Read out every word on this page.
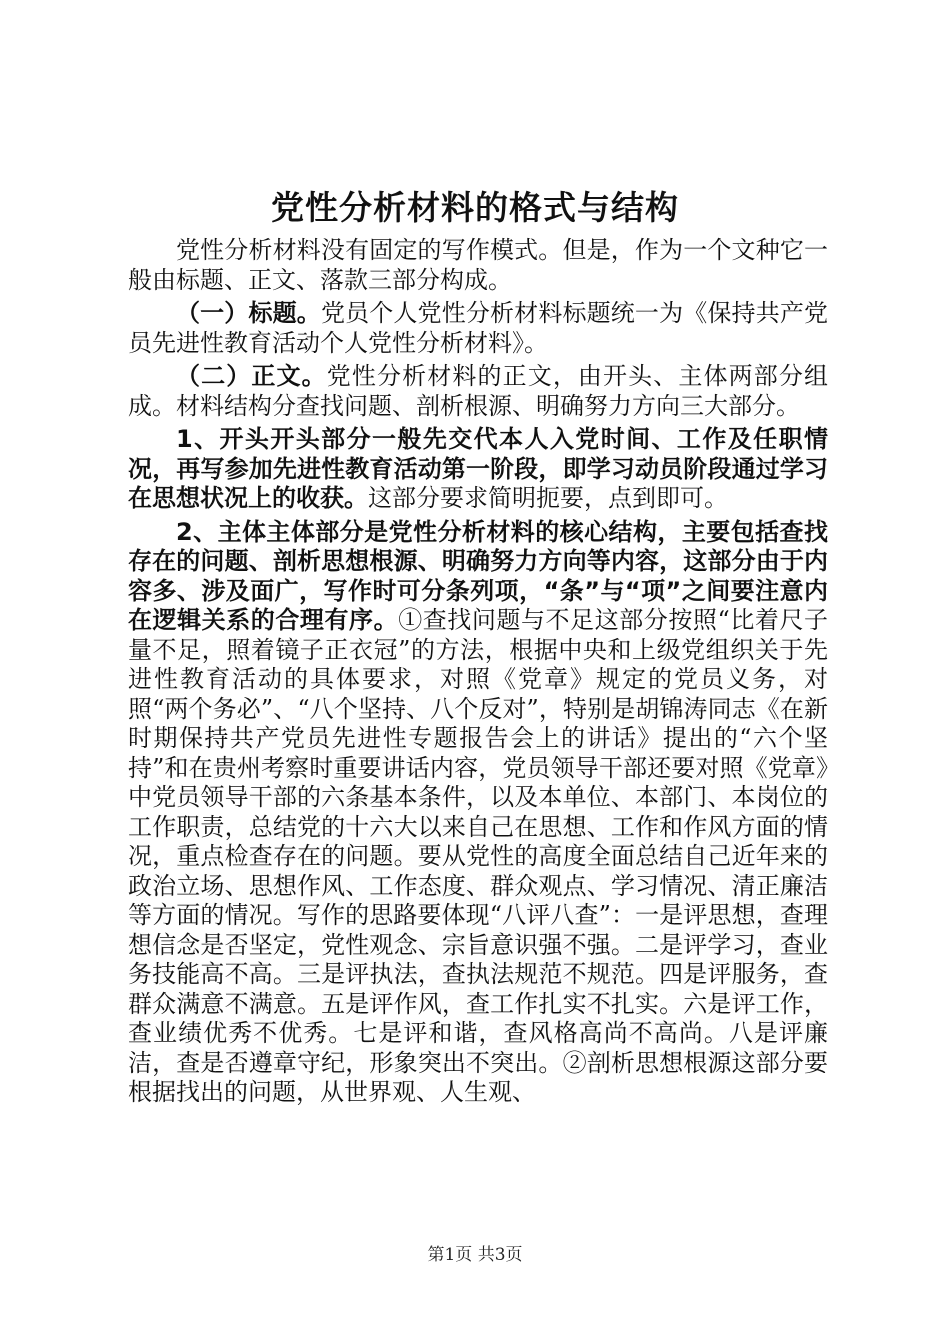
党性分析材料的格式与结构

党性分析材料没有固定的写作模式。但是，作为一个文种它一般由标题、正文、落款三部分构成。

（一）标题。党员个人党性分析材料标题统一为《保持共产党员先进性教育活动个人党性分析材料》。

（二）正文。党性分析材料的正文，由开头、主体两部分组成。材料结构分查找问题、剖析根源、明确努力方向三大部分。

1、开头开头部分一般先交代本人入党时间、工作及任职情况，再写参加先进性教育活动第一阶段，即学习动员阶段通过学习在思想状况上的收获。这部分要求简明扼要，点到即可。

2、主体主体部分是党性分析材料的核心结构，主要包括查找存在的问题、剖析思想根源、明确努力方向等内容，这部分由于内容多、涉及面广，写作时可分条列项，“条”与“项”之间要注意内在逻辑关系的合理有序。①查找问题与不足这部分按照“比着尺子量不足，照着镜子正衣冠”的方法，根据中央和上级党组织关于先进性教育活动的具体要求，对照《党章》规定的党员义务，对照“两个务必”、“八个坚持、八个反对”，特别是胡锦涛同志《在新时期保持共产党员先进性专题报告会上的讲话》提出的“六个坚持”和在贵州考察时重要讲话内容，党员领导干部还要对照《党章》中党员领导干部的六条基本条件，以及本单位、本部门、本岗位的工作职责，总结党的十六大以来自己在思想、工作和作风方面的情况，重点检查存在的问题。要从党性的高度全面总结自己近年来的政治立场、思想作风、工作态度、群众观点、学习情况、清正廉洁等方面的情况。写作的思路要体现“八评八查”：一是评思想，查理想信念是否坚定，党性观念、宗旨意识强不强。二是评学习，查业务技能高不高。三是评执法，查执法规范不规范。四是评服务，查群众满意不满意。五是评作风，查工作扎实不扎实。六是评工作，查业绩优秀不优秀。七是评和谐，查风格高尚不高尚。八是评廉洁，查是否遵章守纪，形象突出不突出。②剖析思想根源这部分要根据找出的问题，从世界观、人生观、

第1页 共3页
